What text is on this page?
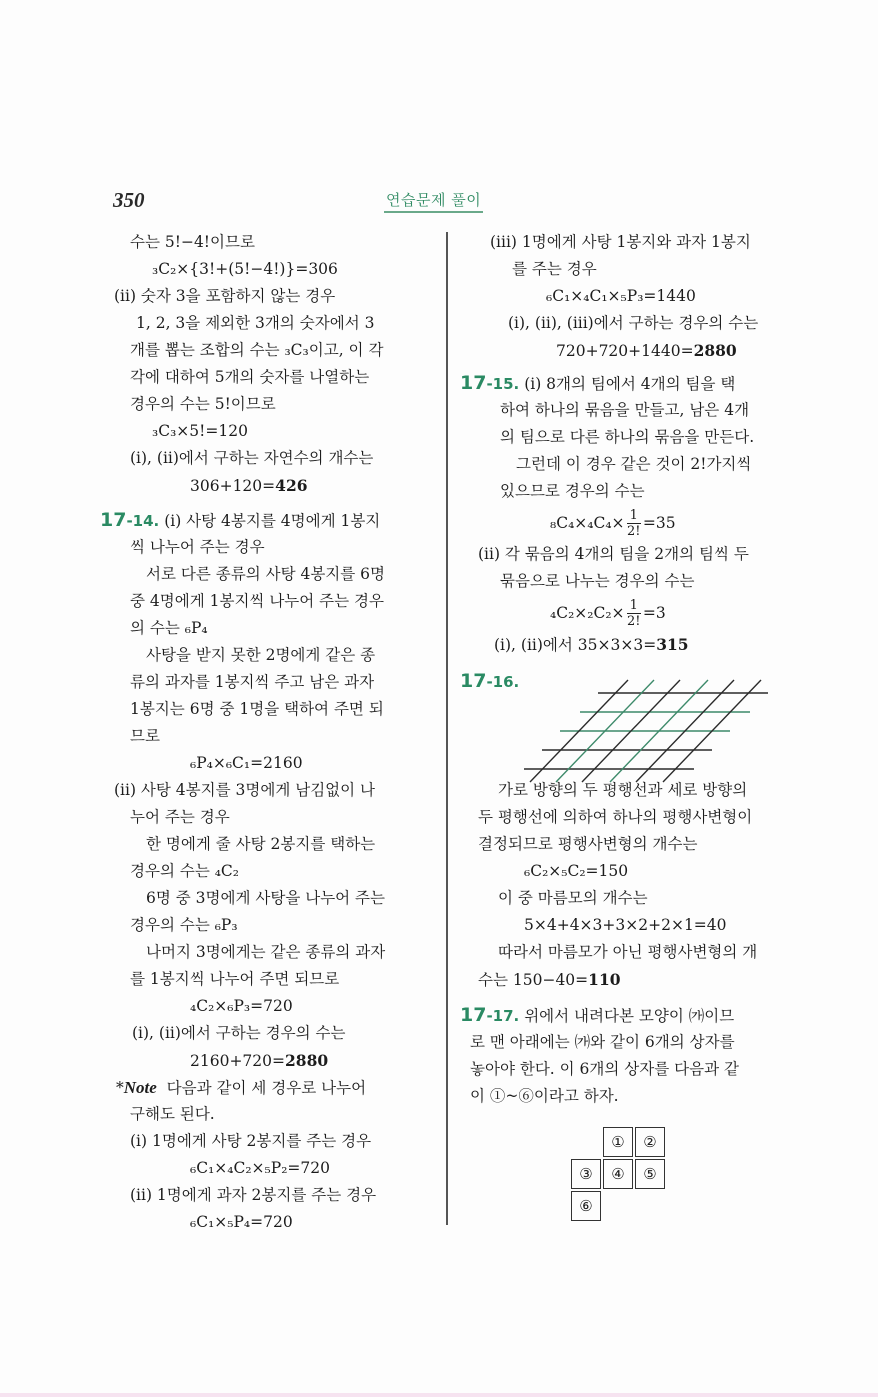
350	연습문제 풀이
수는 5!−4!이므로
₃C₂×{3!+(5!−4!)}=306
(ii) 숫자 3을 포함하지 않는 경우
1, 2, 3을 제외한 3개의 숫자에서 3
개를 뽑는 조합의 수는 ₃C₃이고, 이 각
각에 대하여 5개의 숫자를 나열하는
경우의 수는 5!이므로
₃C₃×5!=120
(i), (ii)에서 구하는 자연수의 개수는
306+120=426
17-14. (i) 사탕 4봉지를 4명에게 1봉지
씩 나누어 주는 경우
서로 다른 종류의 사탕 4봉지를 6명
중 4명에게 1봉지씩 나누어 주는 경우
의 수는 ₆P₄
사탕을 받지 못한 2명에게 같은 종
류의 과자를 1봉지씩 주고 남은 과자
1봉지는 6명 중 1명을 택하여 주면 되
므로
₆P₄×₆C₁=2160
(ii) 사탕 4봉지를 3명에게 남김없이 나
누어 주는 경우
한 명에게 줄 사탕 2봉지를 택하는
경우의 수는 ₄C₂
6명 중 3명에게 사탕을 나누어 주는
경우의 수는 ₆P₃
나머지 3명에게는 같은 종류의 과자
를 1봉지씩 나누어 주면 되므로
₄C₂×₆P₃=720
(i), (ii)에서 구하는 경우의 수는
2160+720=2880
*Note 다음과 같이 세 경우로 나누어
구해도 된다.
(i) 1명에게 사탕 2봉지를 주는 경우
₆C₁×₄C₂×₅P₂=720
(ii) 1명에게 과자 2봉지를 주는 경우
₆C₁×₅P₄=720
(iii) 1명에게 사탕 1봉지와 과자 1봉지
를 주는 경우
₆C₁×₄C₁×₅P₃=1440
(i), (ii), (iii)에서 구하는 경우의 수는
720+720+1440=2880
17-15. (i) 8개의 팀에서 4개의 팀을 택
하여 하나의 묶음을 만들고, 남은 4개
의 팀으로 다른 하나의 묶음을 만든다.
그런데 이 경우 같은 것이 2!가지씩
있으므로 경우의 수는
$_8C_4\times_4C_4\times \frac{1}{2!} =35$
(ii) 각 묶음의 4개의 팀을 2개의 팀씩 두
묶음으로 나누는 경우의 수는
$_4C_2\times_2C_2\times \frac{1}{2!} =3$
(i), (ii)에서 35×3×3=315
17-16.
가로 방향의 두 평행선과 세로 방향의
두 평행선에 의하여 하나의 평행사변형이
결정되므로 평행사변형의 개수는
₆C₂×₅C₂=150
이 중 마름모의 개수는
5×4+4×3+3×2+2×1=40
따라서 마름모가 아닌 평행사변형의 개
수는 150−40=110
17-17. 위에서 내려다본 모양이 ㈎이므
로 맨 아래에는 ㈎와 같이 6개의 상자를
놓아야 한다. 이 6개의 상자를 다음과 같
이 ①~⑥이라고 하자.
①	②
③	④	⑤
⑥
